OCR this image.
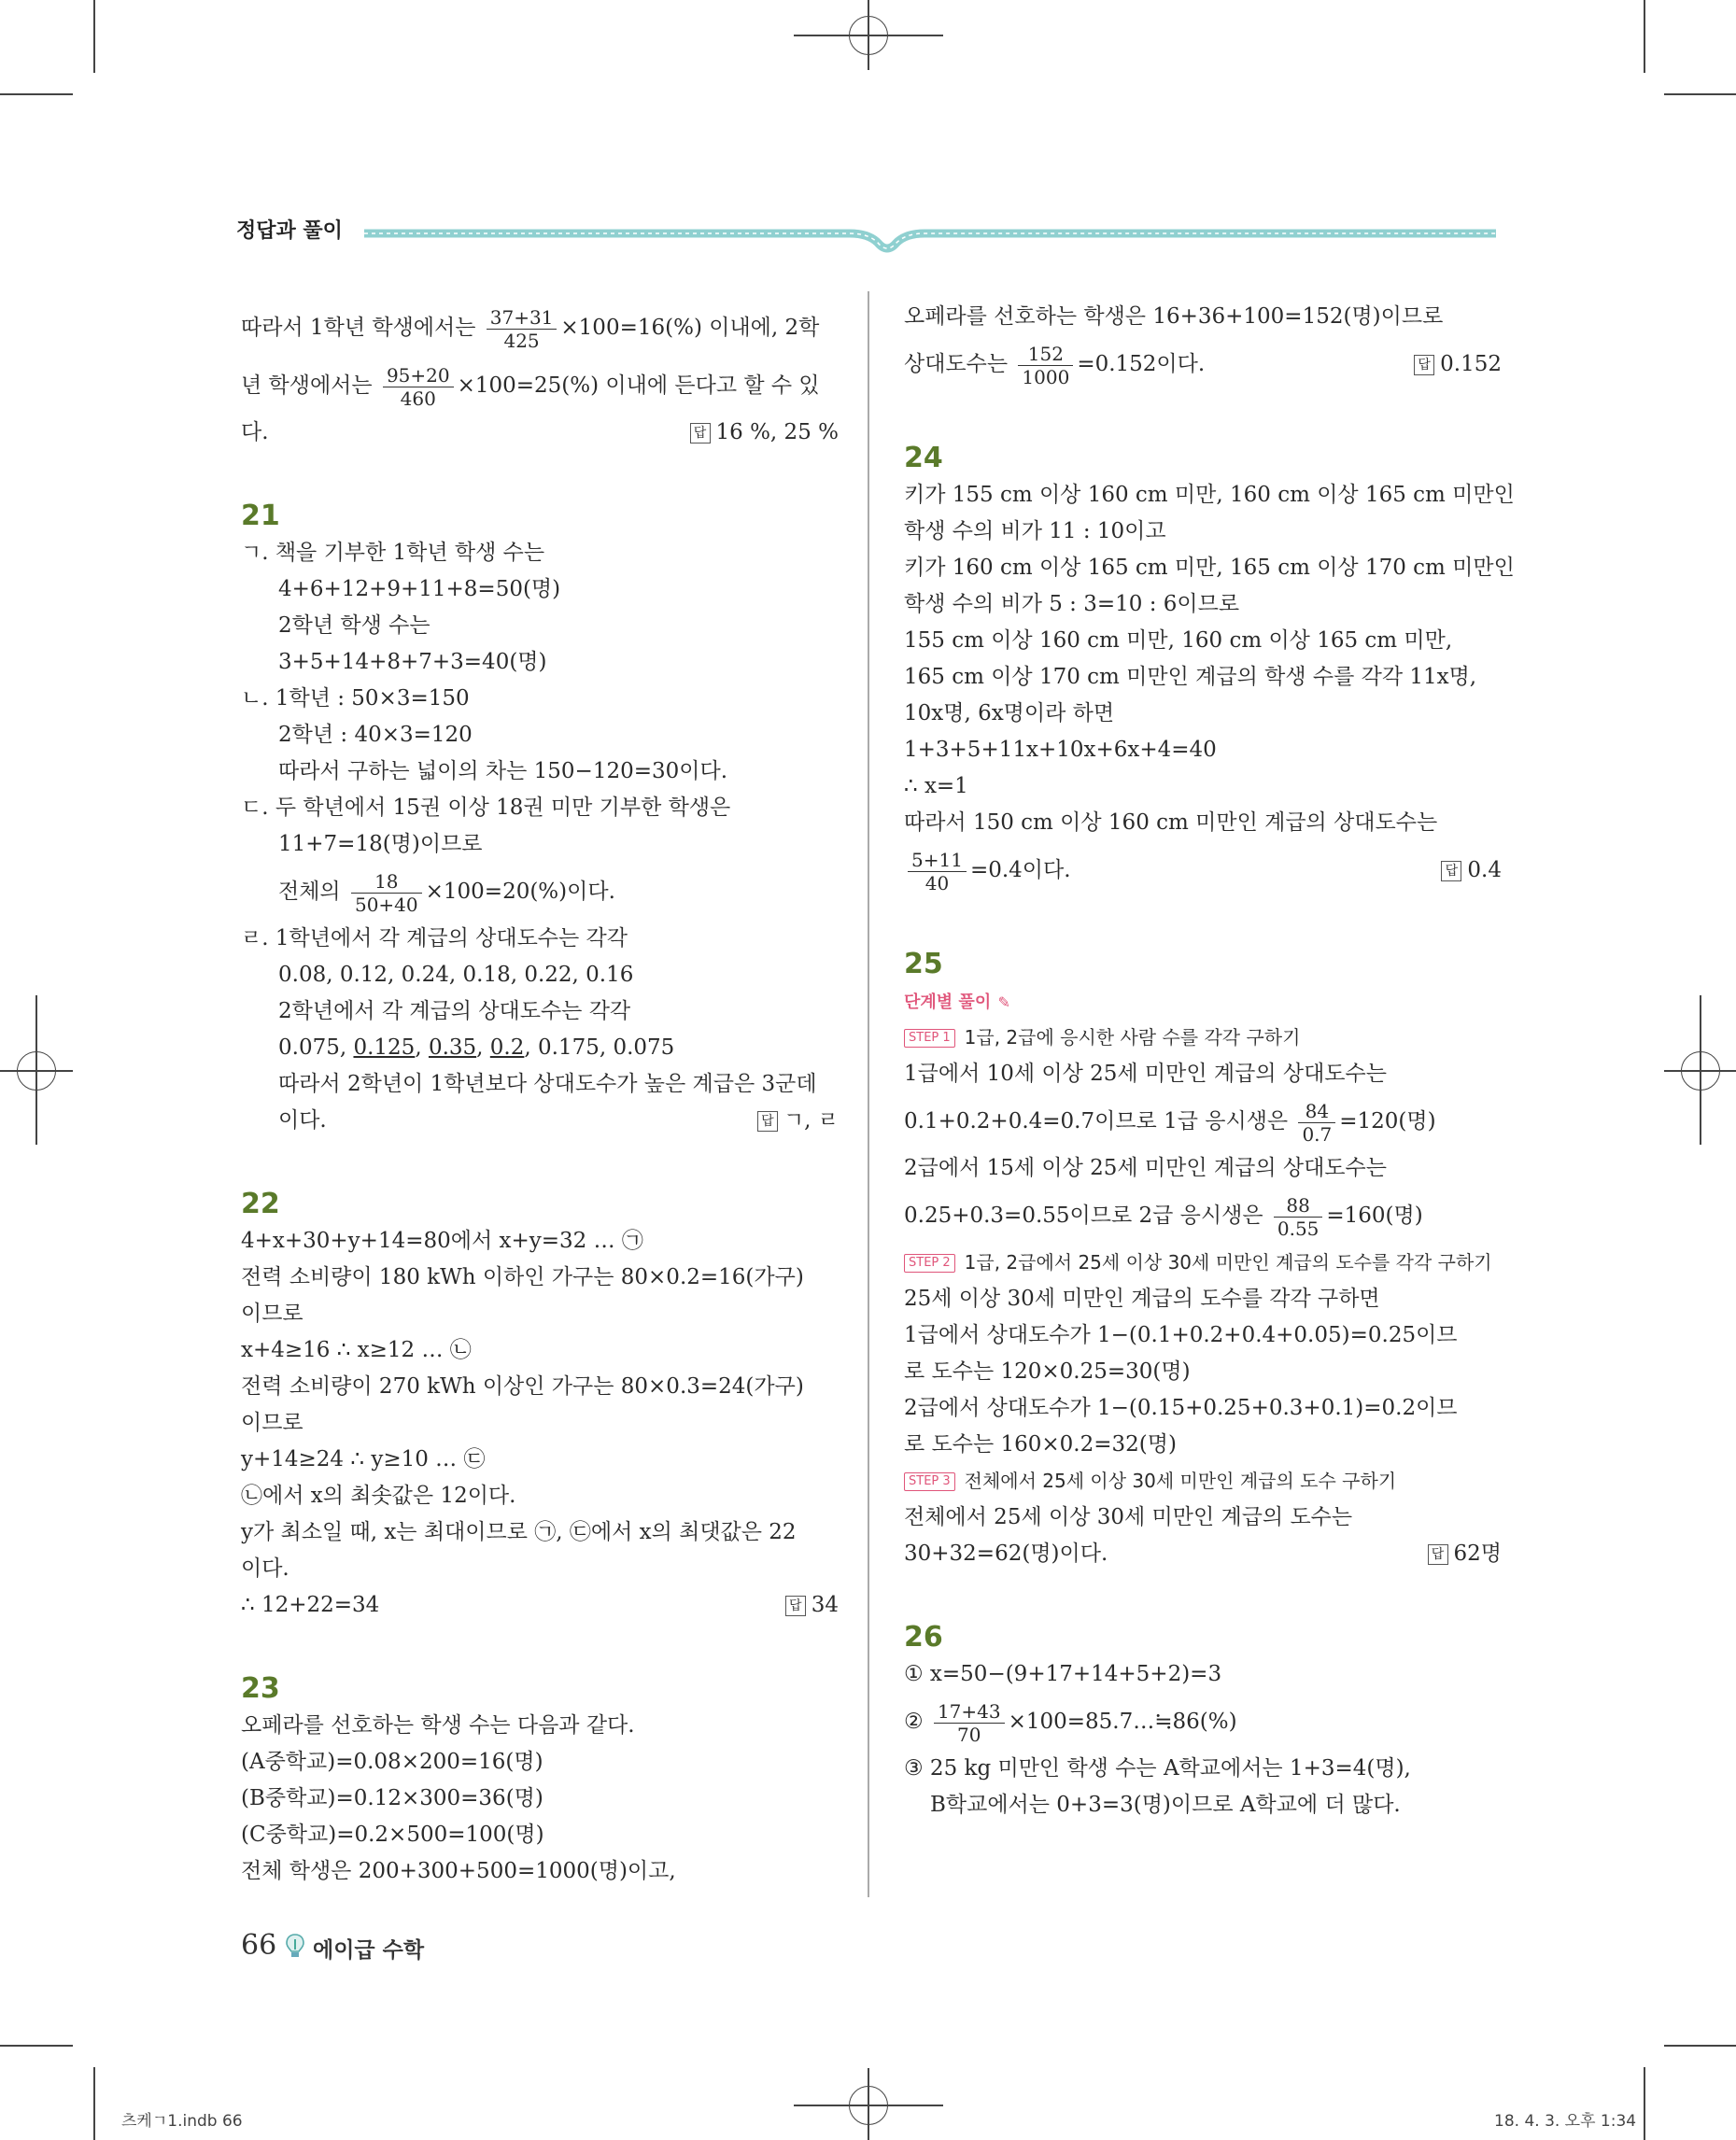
정답과 풀이
따라서 1학년 학생에서는 $\frac{37+31}{425} \times 100=16(\%)$ 이내에, 2학
년 학생에서는 $\frac{95+20}{460} \times 100=25(\%)$ 이내에 든다고 할 수 있
다.	답 16 %, 25 %
21
ㄱ. 책을 기부한 1학년 학생 수는
4+6+12+9+11+8=50(명)
2학년 학생 수는
3+5+14+8+7+3=40(명)
ㄴ. 1학년 : 50×3=150
2학년 : 40×3=120
따라서 구하는 넓이의 차는 150−120=30이다.
ㄷ. 두 학년에서 15권 이상 18권 미만 기부한 학생은
11+7=18(명)이므로
전체의 $\frac{18}{50+40} \times 100=20(\%)$이다.
ㄹ. 1학년에서 각 계급의 상대도수는 각각
0.08, 0.12, 0.24, 0.18, 0.22, 0.16
2학년에서 각 계급의 상대도수는 각각
0.075, 0.125, 0.35, 0.2, 0.175, 0.075
따라서 2학년이 1학년보다 상대도수가 높은 계급은 3군데
이다.	답 ㄱ, ㄹ
22
4+x+30+y+14=80에서 x+y=32 … ㉠
전력 소비량이 180 kWh 이하인 가구는 80×0.2=16(가구)
이므로
x+4≥16 ∴ x≥12 … ㉡
전력 소비량이 270 kWh 이상인 가구는 80×0.3=24(가구)
이므로
y+14≥24 ∴ y≥10 … ㉢
㉡에서 x의 최솟값은 12이다.
y가 최소일 때, x는 최대이므로 ㉠, ㉢에서 x의 최댓값은 22
이다.
∴ 12+22=34	답 34
23
오페라를 선호하는 학생 수는 다음과 같다.
(A중학교)=0.08×200=16(명)
(B중학교)=0.12×300=36(명)
(C중학교)=0.2×500=100(명)
전체 학생은 200+300+500=1000(명)이고,
오페라를 선호하는 학생은 16+36+100=152(명)이므로
상대도수는 $\frac{152}{1000} =0.152$이다.	답 0.152
24
키가 155 cm 이상 160 cm 미만, 160 cm 이상 165 cm 미만인
학생 수의 비가 11 : 10이고
키가 160 cm 이상 165 cm 미만, 165 cm 이상 170 cm 미만인
학생 수의 비가 5 : 3=10 : 6이므로
155 cm 이상 160 cm 미만, 160 cm 이상 165 cm 미만,
165 cm 이상 170 cm 미만인 계급의 학생 수를 각각 11x명,
10x명, 6x명이라 하면
1+3+5+11x+10x+6x+4=40
∴ x=1
따라서 150 cm 이상 160 cm 미만인 계급의 상대도수는
$\frac{5+11}{40} =0.4$이다.	답 0.4
25
단계별 풀이 ✎
STEP 1 1급, 2급에 응시한 사람 수를 각각 구하기
1급에서 10세 이상 25세 미만인 계급의 상대도수는
0.1+0.2+0.4=0.7이므로 1급 응시생은 $\frac{84}{0.7} =120$(명)
2급에서 15세 이상 25세 미만인 계급의 상대도수는
0.25+0.3=0.55이므로 2급 응시생은 $\frac{88}{0.55} =160$(명)
STEP 2 1급, 2급에서 25세 이상 30세 미만인 계급의 도수를 각각 구하기
25세 이상 30세 미만인 계급의 도수를 각각 구하면
1급에서 상대도수가 1−(0.1+0.2+0.4+0.05)=0.25이므
로 도수는 120×0.25=30(명)
2급에서 상대도수가 1−(0.15+0.25+0.3+0.1)=0.2이므
로 도수는 160×0.2=32(명)
STEP 3 전체에서 25세 이상 30세 미만인 계급의 도수 구하기
전체에서 25세 이상 30세 미만인 계급의 도수는
30+32=62(명)이다.	답 62명
26
① x=50−(9+17+14+5+2)=3
② $\frac{17+43}{70}$ ×100=85.7…≒86(%)
③ 25 kg 미만인 학생 수는 A학교에서는 1+3=4(명),
B학교에서는 0+3=3(명)이므로 A학교에 더 많다.
66 에이급 수학
츠케ㄱ1.indb 66	18. 4. 3. 오후 1:34
